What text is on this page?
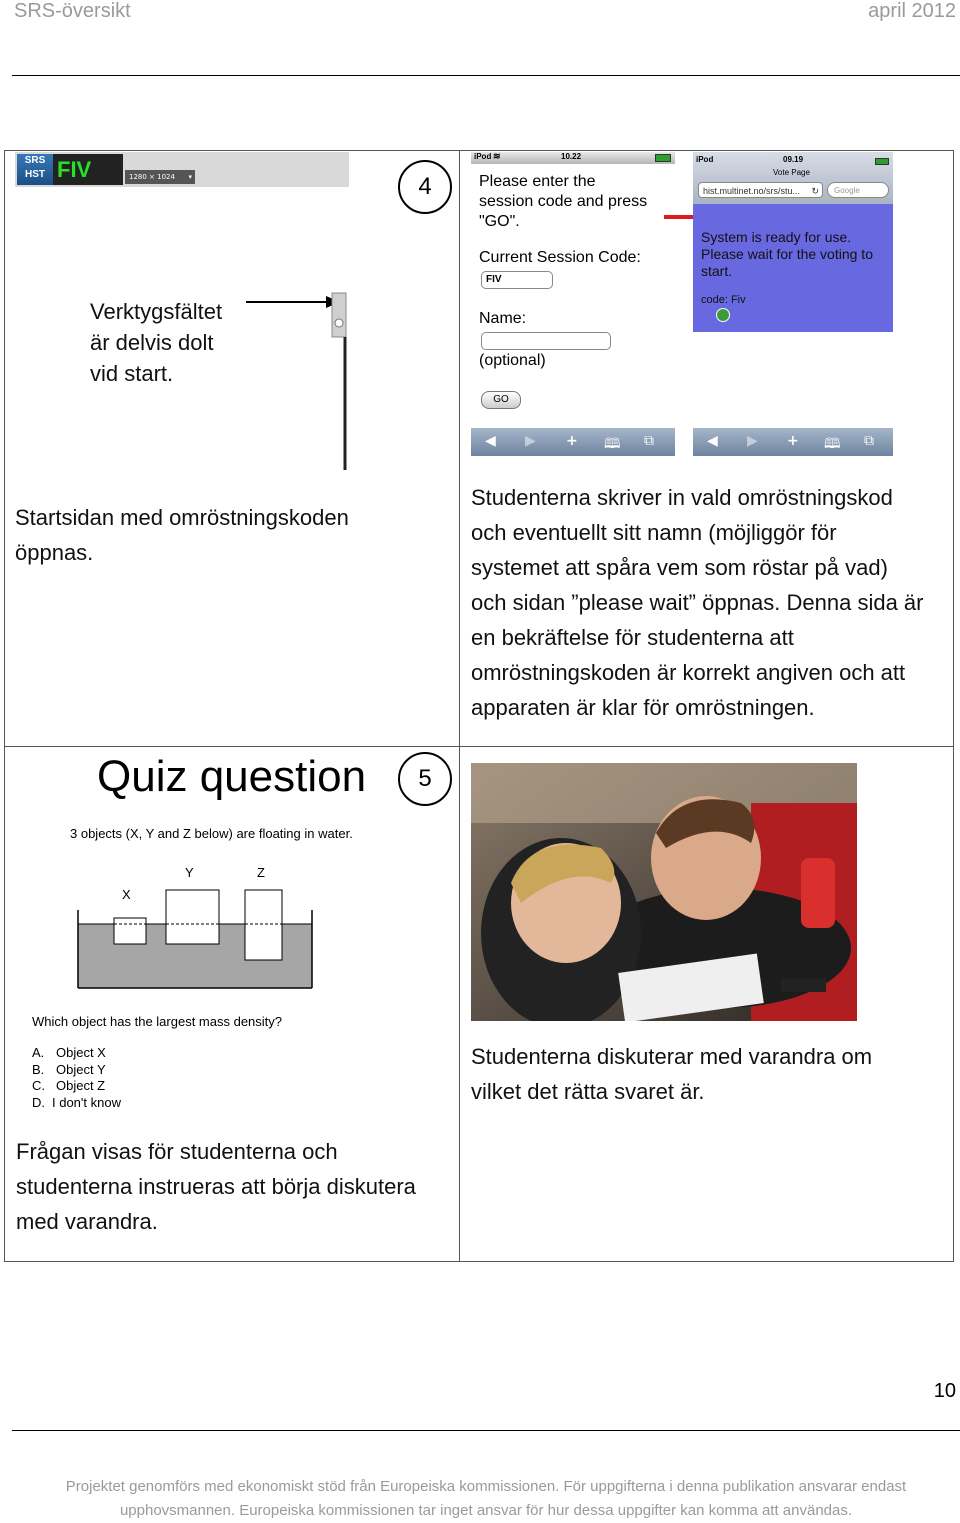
SRS-översikt	april 2012
SRS HST FIV	1280 × 1024 ▾	4
Verktygsfältet
är delvis dolt
vid start.
Startsidan med omröstningskoden
öppnas.
iPod ≋	10.22
Please enter the
session code and press
"GO".
Current Session Code:
FIV
Name:
(optional)
GO
◀ ▶ + 🕮 ⧉
iPod	09.19
Vote Page
hist.multinet.no/srs/stu... ↻	Google
System is ready for use.
Please wait for the voting to
start.
code: Fiv
◀ ▶ + 🕮 ⧉
Studenterna skriver in vald omröstningskod
och eventuellt sitt namn (möjliggör för
systemet att spåra vem som röstar på vad)
och sidan ”please wait” öppnas. Denna sida är
en bekräftelse för studenterna att
omröstningskoden är korrekt angiven och att
apparaten är klar för omröstningen.
Quiz question	5
3 objects (X, Y and Z below) are floating in water.
X
Y	Z
Which object has the largest mass density?
A. Object X
B. Object Y
C. Object Z
D. I don't know
Frågan visas för studenterna och
studenterna instrueras att börja diskutera
med varandra.
Studenterna diskuterar med varandra om
vilket det rätta svaret är.
10
Projektet genomförs med ekonomiskt stöd från Europeiska kommissionen. För uppgifterna i denna publikation ansvarar endast
upphovsmannen. Europeiska kommissionen tar inget ansvar för hur dessa uppgifter kan komma att användas.
